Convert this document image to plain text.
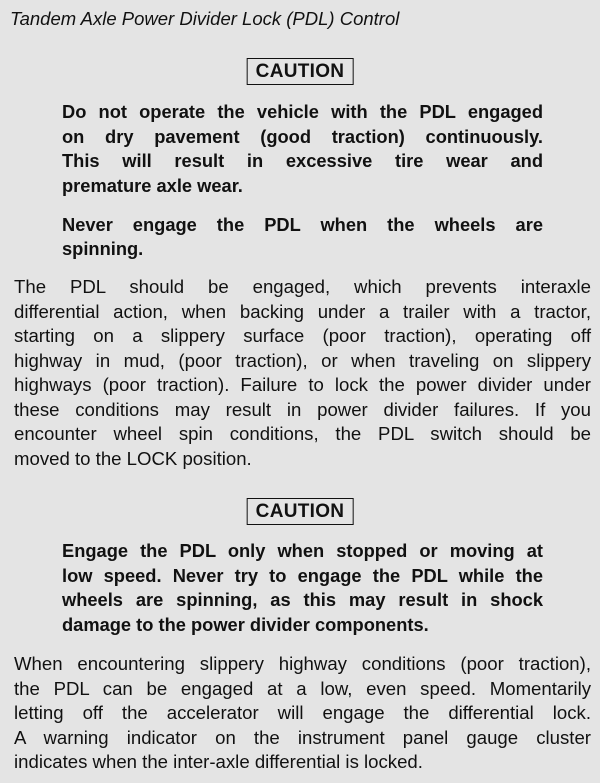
Tandem Axle Power Divider Lock (PDL) Control
CAUTION
Do not operate the vehicle with the PDL engaged
on dry pavement (good traction) continuously.
This will result in excessive tire wear and
premature axle wear.
Never engage the PDL when the wheels are
spinning.
The PDL should be engaged, which prevents interaxle
differential action, when backing under a trailer with a tractor,
starting on a slippery surface (poor traction), operating off
highway in mud, (poor traction), or when traveling on slippery
highways (poor traction). Failure to lock the power divider under
these conditions may result in power divider failures. If you
encounter wheel spin conditions, the PDL switch should be
moved to the LOCK position.
CAUTION
Engage the PDL only when stopped or moving at
low speed. Never try to engage the PDL while the
wheels are spinning, as this may result in shock
damage to the power divider components.
When encountering slippery highway conditions (poor traction),
the PDL can be engaged at a low, even speed. Momentarily
letting off the accelerator will engage the differential lock.
A warning indicator on the instrument panel gauge cluster
indicates when the inter-axle differential is locked.
